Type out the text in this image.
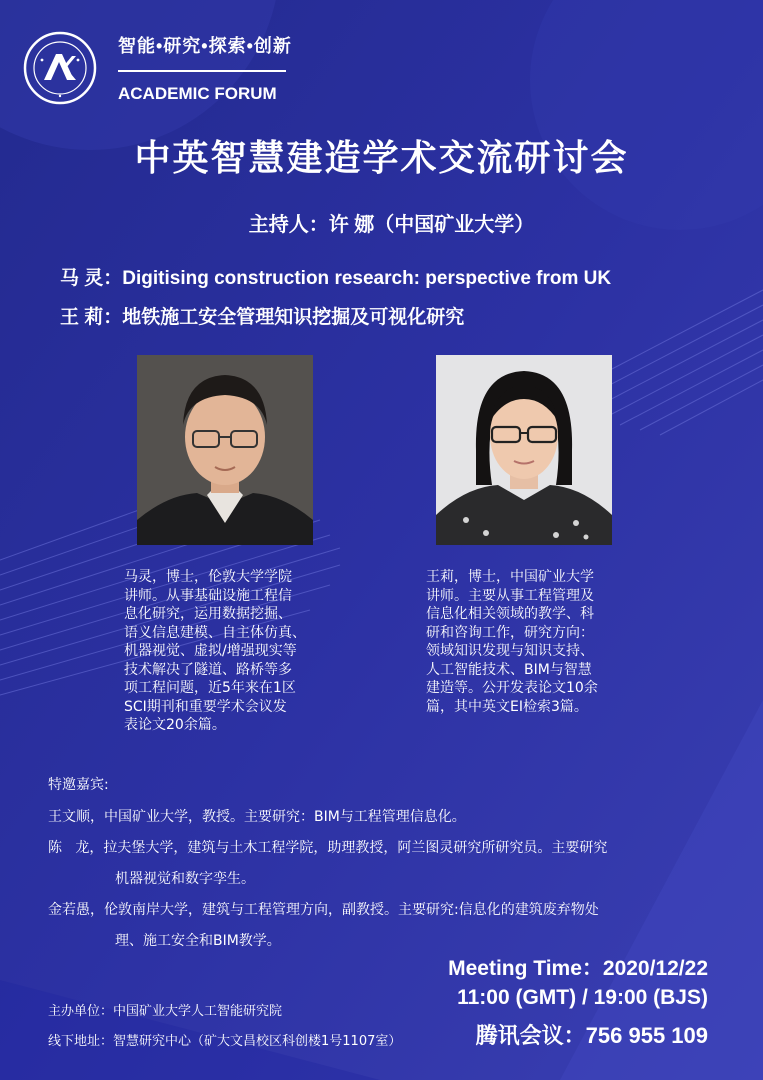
智能•研究•探索•创新
ACADEMIC FORUM
中英智慧建造学术交流研讨会
主持人：许 娜（中国矿业大学）
马 灵：Digitising construction research: perspective from UK
王 莉：地铁施工安全管理知识挖掘及可视化研究
马灵，博士，伦敦大学学院
讲师。从事基础设施工程信
息化研究，运用数据挖掘、
语义信息建模、自主体仿真、
机器视觉、虚拟/增强现实等
技术解决了隧道、路桥等多
项工程问题，近5年来在1区
SCI期刊和重要学术会议发
表论文20余篇。
王莉，博士，中国矿业大学
讲师。主要从事工程管理及
信息化相关领域的教学、科
研和咨询工作，研究方向：
领域知识发现与知识支持、
人工智能技术、BIM与智慧
建造等。公开发表论文10余
篇，其中英文EI检索3篇。
特邀嘉宾:
王文顺，中国矿业大学，教授。主要研究：BIM与工程管理信息化。
陈   龙，拉夫堡大学，建筑与土木工程学院，助理教授，阿兰图灵研究所研究员。主要研究
机器视觉和数字孪生。
金若愚，伦敦南岸大学，建筑与工程管理方向，副教授。主要研究:信息化的建筑废弃物处
理、施工安全和BIM教学。
Meeting Time：2020/12/22
11:00 (GMT) / 19:00 (BJS)
腾讯会议：756 955 109
主办单位：中国矿业大学人工智能研究院
线下地址：智慧研究中心（矿大文昌校区科创楼1号1107室）
